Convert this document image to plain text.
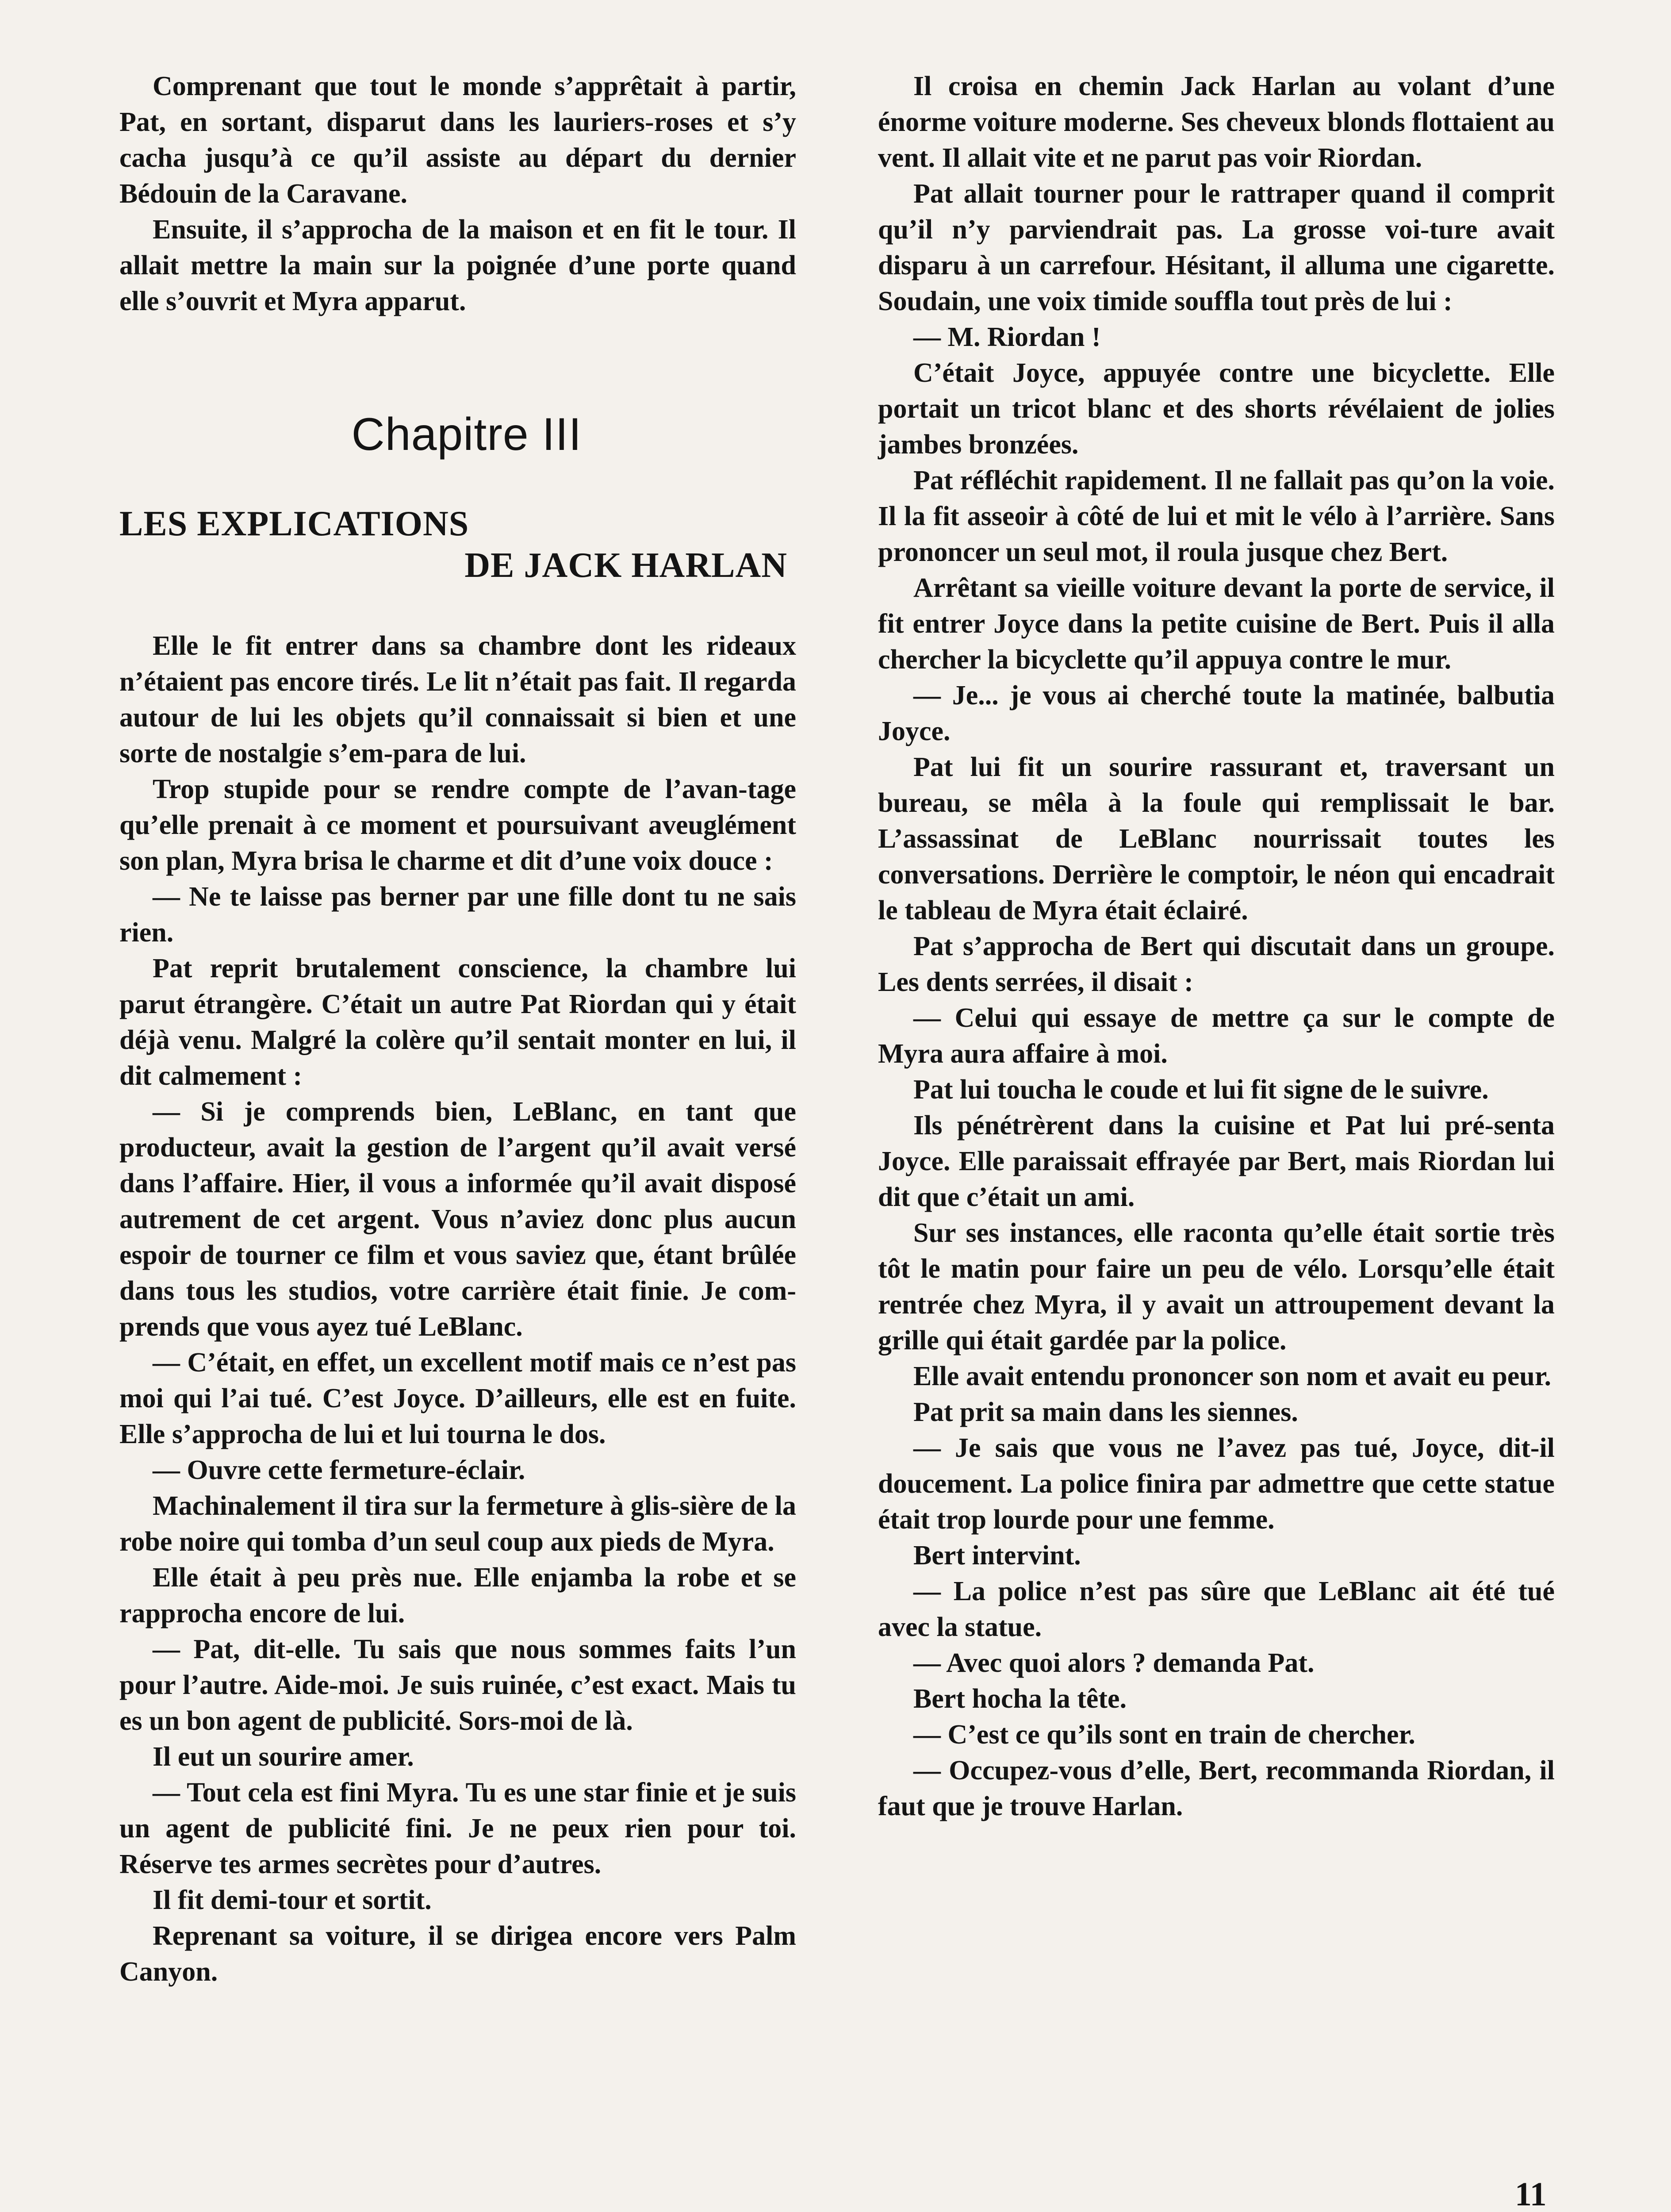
Comprenant que tout le monde s’apprêtait à partir, Pat, en sortant, disparut dans les lauriers-roses et s’y cacha jusqu’à ce qu’il assiste au départ du dernier Bédouin de la Caravane.

Ensuite, il s’approcha de la maison et en fit le tour. Il allait mettre la main sur la poignée d’une porte quand elle s’ouvrit et Myra apparut.

Chapitre III
LES EXPLICATIONS
DE JACK HARLAN

Elle le fit entrer dans sa chambre dont les rideaux n’étaient pas encore tirés. Le lit n’était pas fait. Il regarda autour de lui les objets qu’il connaissait si bien et une sorte de nostalgie s’em-para de lui.

Trop stupide pour se rendre compte de l’avan-tage qu’elle prenait à ce moment et poursuivant aveuglément son plan, Myra brisa le charme et dit d’une voix douce :

— Ne te laisse pas berner par une fille dont tu ne sais rien.

Pat reprit brutalement conscience, la chambre lui parut étrangère. C’était un autre Pat Riordan qui y était déjà venu. Malgré la colère qu’il sentait monter en lui, il dit calmement :

— Si je comprends bien, LeBlanc, en tant que producteur, avait la gestion de l’argent qu’il avait versé dans l’affaire. Hier, il vous a informée qu’il avait disposé autrement de cet argent. Vous n’aviez donc plus aucun espoir de tourner ce film et vous saviez que, étant brûlée dans tous les studios, votre carrière était finie. Je com-prends que vous ayez tué LeBlanc.

— C’était, en effet, un excellent motif mais ce n’est pas moi qui l’ai tué. C’est Joyce. D’ailleurs, elle est en fuite. Elle s’approcha de lui et lui tourna le dos.

— Ouvre cette fermeture-éclair.

Machinalement il tira sur la fermeture à glis-sière de la robe noire qui tomba d’un seul coup aux pieds de Myra.

Elle était à peu près nue. Elle enjamba la robe et se rapprocha encore de lui.

— Pat, dit-elle. Tu sais que nous sommes faits l’un pour l’autre. Aide-moi. Je suis ruinée, c’est exact. Mais tu es un bon agent de publicité. Sors-moi de là.

Il eut un sourire amer.

— Tout cela est fini Myra. Tu es une star finie et je suis un agent de publicité fini. Je ne peux rien pour toi. Réserve tes armes secrètes pour d’autres.

Il fit demi-tour et sortit.

Reprenant sa voiture, il se dirigea encore vers Palm Canyon.

Il croisa en chemin Jack Harlan au volant d’une énorme voiture moderne. Ses cheveux blonds flottaient au vent. Il allait vite et ne parut pas voir Riordan.

Pat allait tourner pour le rattraper quand il comprit qu’il n’y parviendrait pas. La grosse voi-ture avait disparu à un carrefour. Hésitant, il alluma une cigarette. Soudain, une voix timide souffla tout près de lui :

— M. Riordan !

C’était Joyce, appuyée contre une bicyclette. Elle portait un tricot blanc et des shorts révélaient de jolies jambes bronzées.

Pat réfléchit rapidement. Il ne fallait pas qu’on la voie. Il la fit asseoir à côté de lui et mit le vélo à l’arrière. Sans prononcer un seul mot, il roula jusque chez Bert.

Arrêtant sa vieille voiture devant la porte de service, il fit entrer Joyce dans la petite cuisine de Bert. Puis il alla chercher la bicyclette qu’il appuya contre le mur.

— Je... je vous ai cherché toute la matinée, balbutia Joyce.

Pat lui fit un sourire rassurant et, traversant un bureau, se mêla à la foule qui remplissait le bar. L’assassinat de LeBlanc nourrissait toutes les conversations. Derrière le comptoir, le néon qui encadrait le tableau de Myra était éclairé.

Pat s’approcha de Bert qui discutait dans un groupe. Les dents serrées, il disait :

— Celui qui essaye de mettre ça sur le compte de Myra aura affaire à moi.

Pat lui toucha le coude et lui fit signe de le suivre.

Ils pénétrèrent dans la cuisine et Pat lui pré-senta Joyce. Elle paraissait effrayée par Bert, mais Riordan lui dit que c’était un ami.

Sur ses instances, elle raconta qu’elle était sortie très tôt le matin pour faire un peu de vélo. Lorsqu’elle était rentrée chez Myra, il y avait un attroupement devant la grille qui était gardée par la police.

Elle avait entendu prononcer son nom et avait eu peur.

Pat prit sa main dans les siennes.

— Je sais que vous ne l’avez pas tué, Joyce, dit-il doucement. La police finira par admettre que cette statue était trop lourde pour une femme.

Bert intervint.

— La police n’est pas sûre que LeBlanc ait été tué avec la statue.

— Avec quoi alors ? demanda Pat.

Bert hocha la tête.

— C’est ce qu’ils sont en train de chercher.

— Occupez-vous d’elle, Bert, recommanda Riordan, il faut que je trouve Harlan.

11
